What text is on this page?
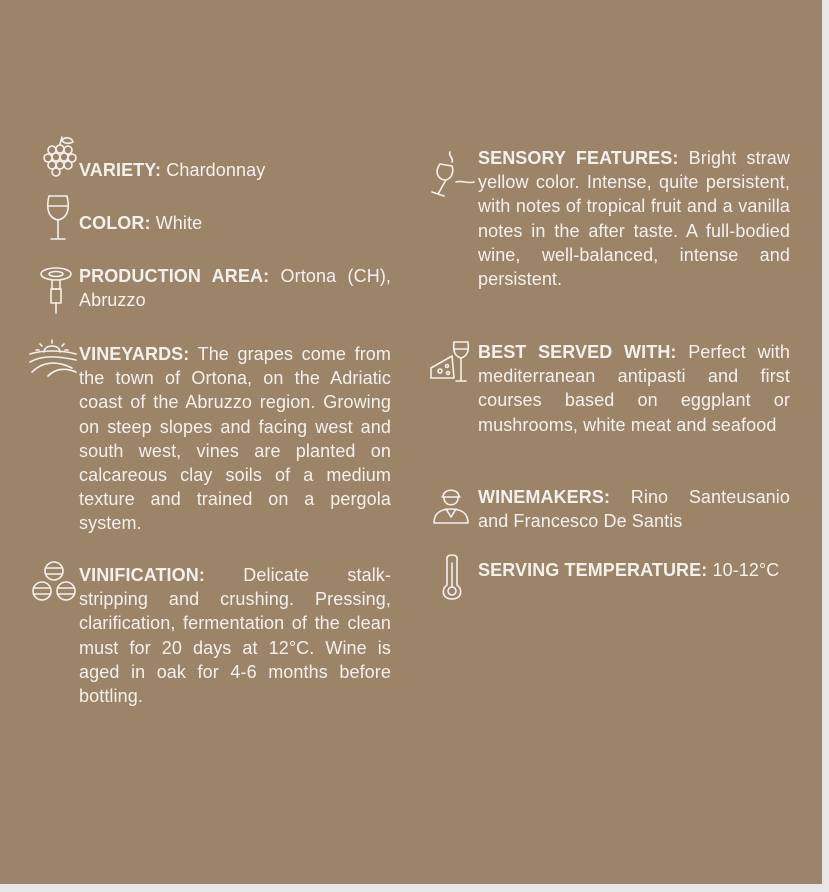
VARIETY: Chardonnay
COLOR: White
PRODUCTION AREA: Ortona (CH), Abruzzo
VINEYARDS: The grapes come from the town of Ortona, on the Adriatic coast of the Abruzzo region. Growing on steep slopes and facing west and south west, vines are planted on calcareous clay soils of a medium texture and trained on a pergola system.
VINIFICATION: Delicate stalk-stripping and crushing. Pressing, clarification, fermentation of the clean must for 20 days at 12°C. Wine is aged in oak for 4-6 months before bottling.
SENSORY FEATURES: Bright straw yellow color. Intense, quite persistent, with notes of tropical fruit and a vanilla notes in the after taste. A full-bodied wine, well-balanced, intense and persistent.
BEST SERVED WITH: Perfect with mediterranean antipasti and first courses based on eggplant or mushrooms, white meat and seafood
WINEMAKERS: Rino Santeusanio and Francesco De Santis
SERVING TEMPERATURE: 10-12°C
